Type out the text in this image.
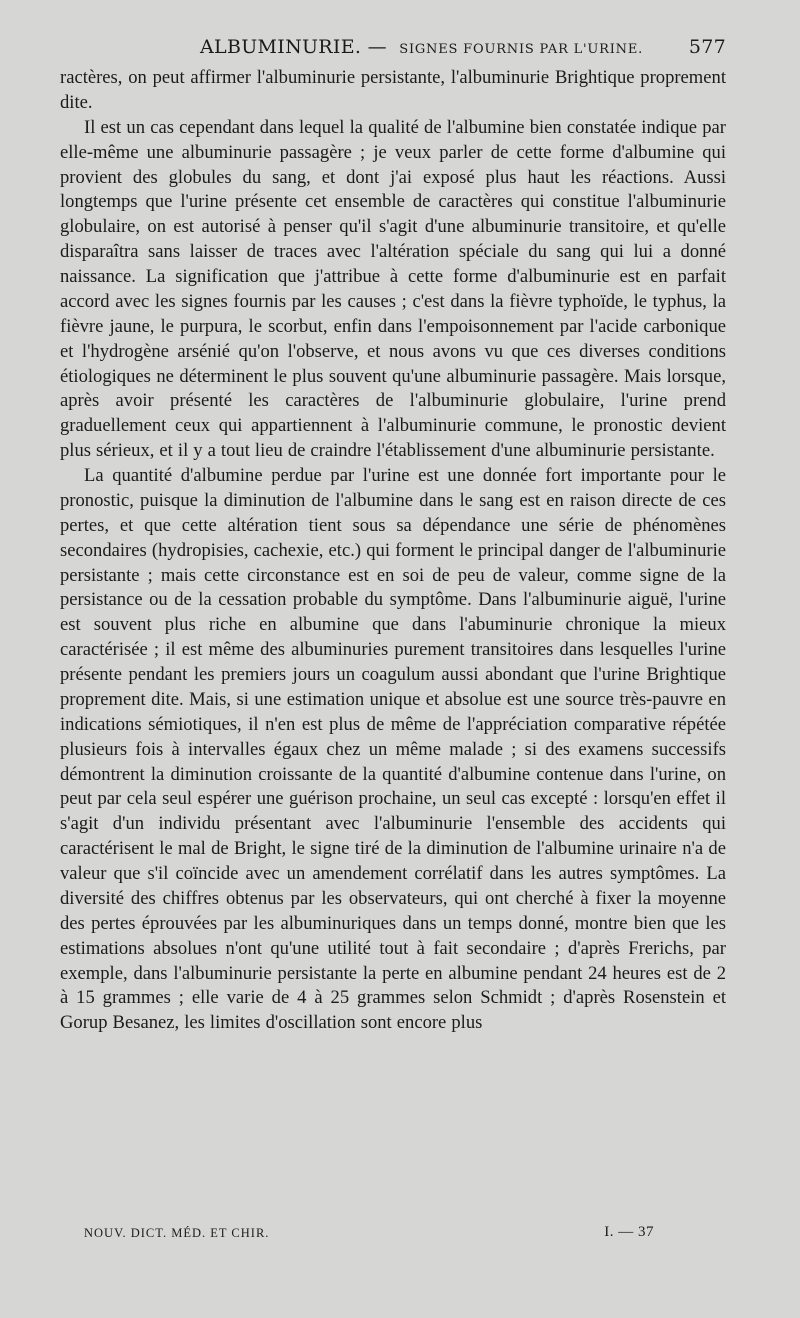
ALBUMINURIE. — SIGNES FOURNIS PAR L'URINE. 577

ractères, on peut affirmer l'albuminurie persistante, l'albuminurie Brightique proprement dite.

Il est un cas cependant dans lequel la qualité de l'albumine bien constatée indique par elle-même une albuminurie passagère ; je veux parler de cette forme d'albumine qui provient des globules du sang, et dont j'ai exposé plus haut les réactions. Aussi longtemps que l'urine présente cet ensemble de caractères qui constitue l'albuminurie globulaire, on est autorisé à penser qu'il s'agit d'une albuminurie transitoire, et qu'elle disparaîtra sans laisser de traces avec l'altération spéciale du sang qui lui a donné naissance. La signification que j'attribue à cette forme d'albuminurie est en parfait accord avec les signes fournis par les causes ; c'est dans la fièvre typhoïde, le typhus, la fièvre jaune, le purpura, le scorbut, enfin dans l'empoisonnement par l'acide carbonique et l'hydrogène arsénié qu'on l'observe, et nous avons vu que ces diverses conditions étiologiques ne déterminent le plus souvent qu'une albuminurie passagère. Mais lorsque, après avoir présenté les caractères de l'albuminurie globulaire, l'urine prend graduellement ceux qui appartiennent à l'albuminurie commune, le pronostic devient plus sérieux, et il y a tout lieu de craindre l'établissement d'une albuminurie persistante.

La quantité d'albumine perdue par l'urine est une donnée fort importante pour le pronostic, puisque la diminution de l'albumine dans le sang est en raison directe de ces pertes, et que cette altération tient sous sa dépendance une série de phénomènes secondaires (hydropisies, cachexie, etc.) qui forment le principal danger de l'albuminurie persistante ; mais cette circonstance est en soi de peu de valeur, comme signe de la persistance ou de la cessation probable du symptôme. Dans l'albuminurie aiguë, l'urine est souvent plus riche en albumine que dans l'abuminurie chronique la mieux caractérisée ; il est même des albuminuries purement transitoires dans lesquelles l'urine présente pendant les premiers jours un coagulum aussi abondant que l'urine Brightique proprement dite. Mais, si une estimation unique et absolue est une source très-pauvre en indications sémiotiques, il n'en est plus de même de l'appréciation comparative répétée plusieurs fois à intervalles égaux chez un même malade ; si des examens successifs démontrent la diminution croissante de la quantité d'albumine contenue dans l'urine, on peut par cela seul espérer une guérison prochaine, un seul cas excepté : lorsqu'en effet il s'agit d'un individu présentant avec l'albuminurie l'ensemble des accidents qui caractérisent le mal de Bright, le signe tiré de la diminution de l'albumine urinaire n'a de valeur que s'il coïncide avec un amendement corrélatif dans les autres symptômes. La diversité des chiffres obtenus par les observateurs, qui ont cherché à fixer la moyenne des pertes éprouvées par les albuminuriques dans un temps donné, montre bien que les estimations absolues n'ont qu'une utilité tout à fait secondaire ; d'après Frerichs, par exemple, dans l'albuminurie persistante la perte en albumine pendant 24 heures est de 2 à 15 grammes ; elle varie de 4 à 25 grammes selon Schmidt ; d'après Rosenstein et Gorup Besanez, les limites d'oscillation sont encore plus

NOUV. DICT. MÉD. ET CHIR.	I. — 37
